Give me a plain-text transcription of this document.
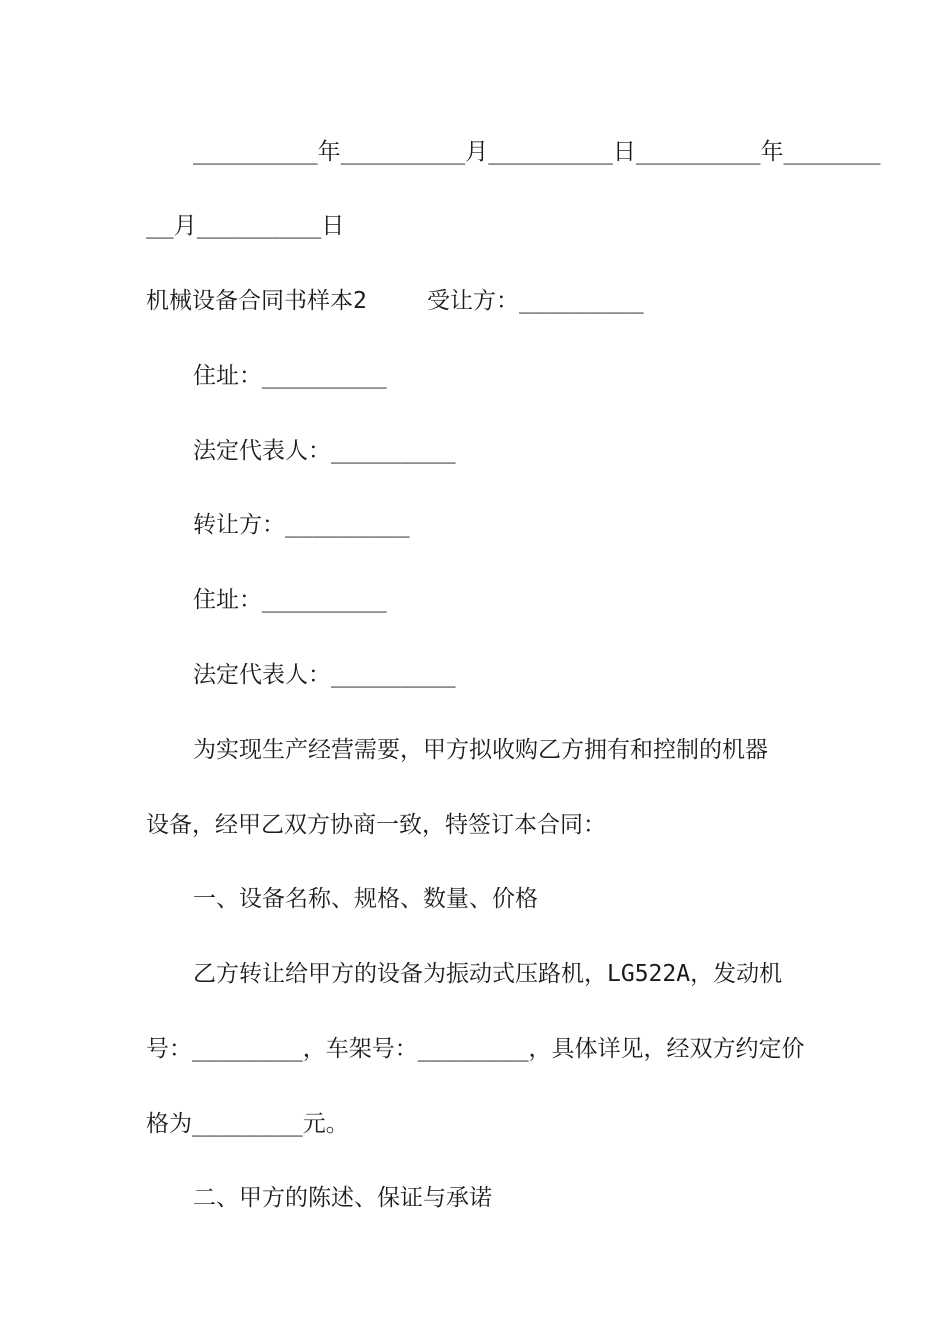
_________年_________月_________日_________年_______
__月_________日
机械设备合同书样本2	受让方：_________
住址：_________
法定代表人：_________
转让方：_________
住址：_________
法定代表人：_________
为实现生产经营需要，甲方拟收购乙方拥有和控制的机器
设备，经甲乙双方协商一致，特签订本合同：
一、设备名称、规格、数量、价格
乙方转让给甲方的设备为振动式压路机，LG522A，发动机
号：________，车架号：________，具体详见，经双方约定价
格为________元。
二、甲方的陈述、保证与承诺
